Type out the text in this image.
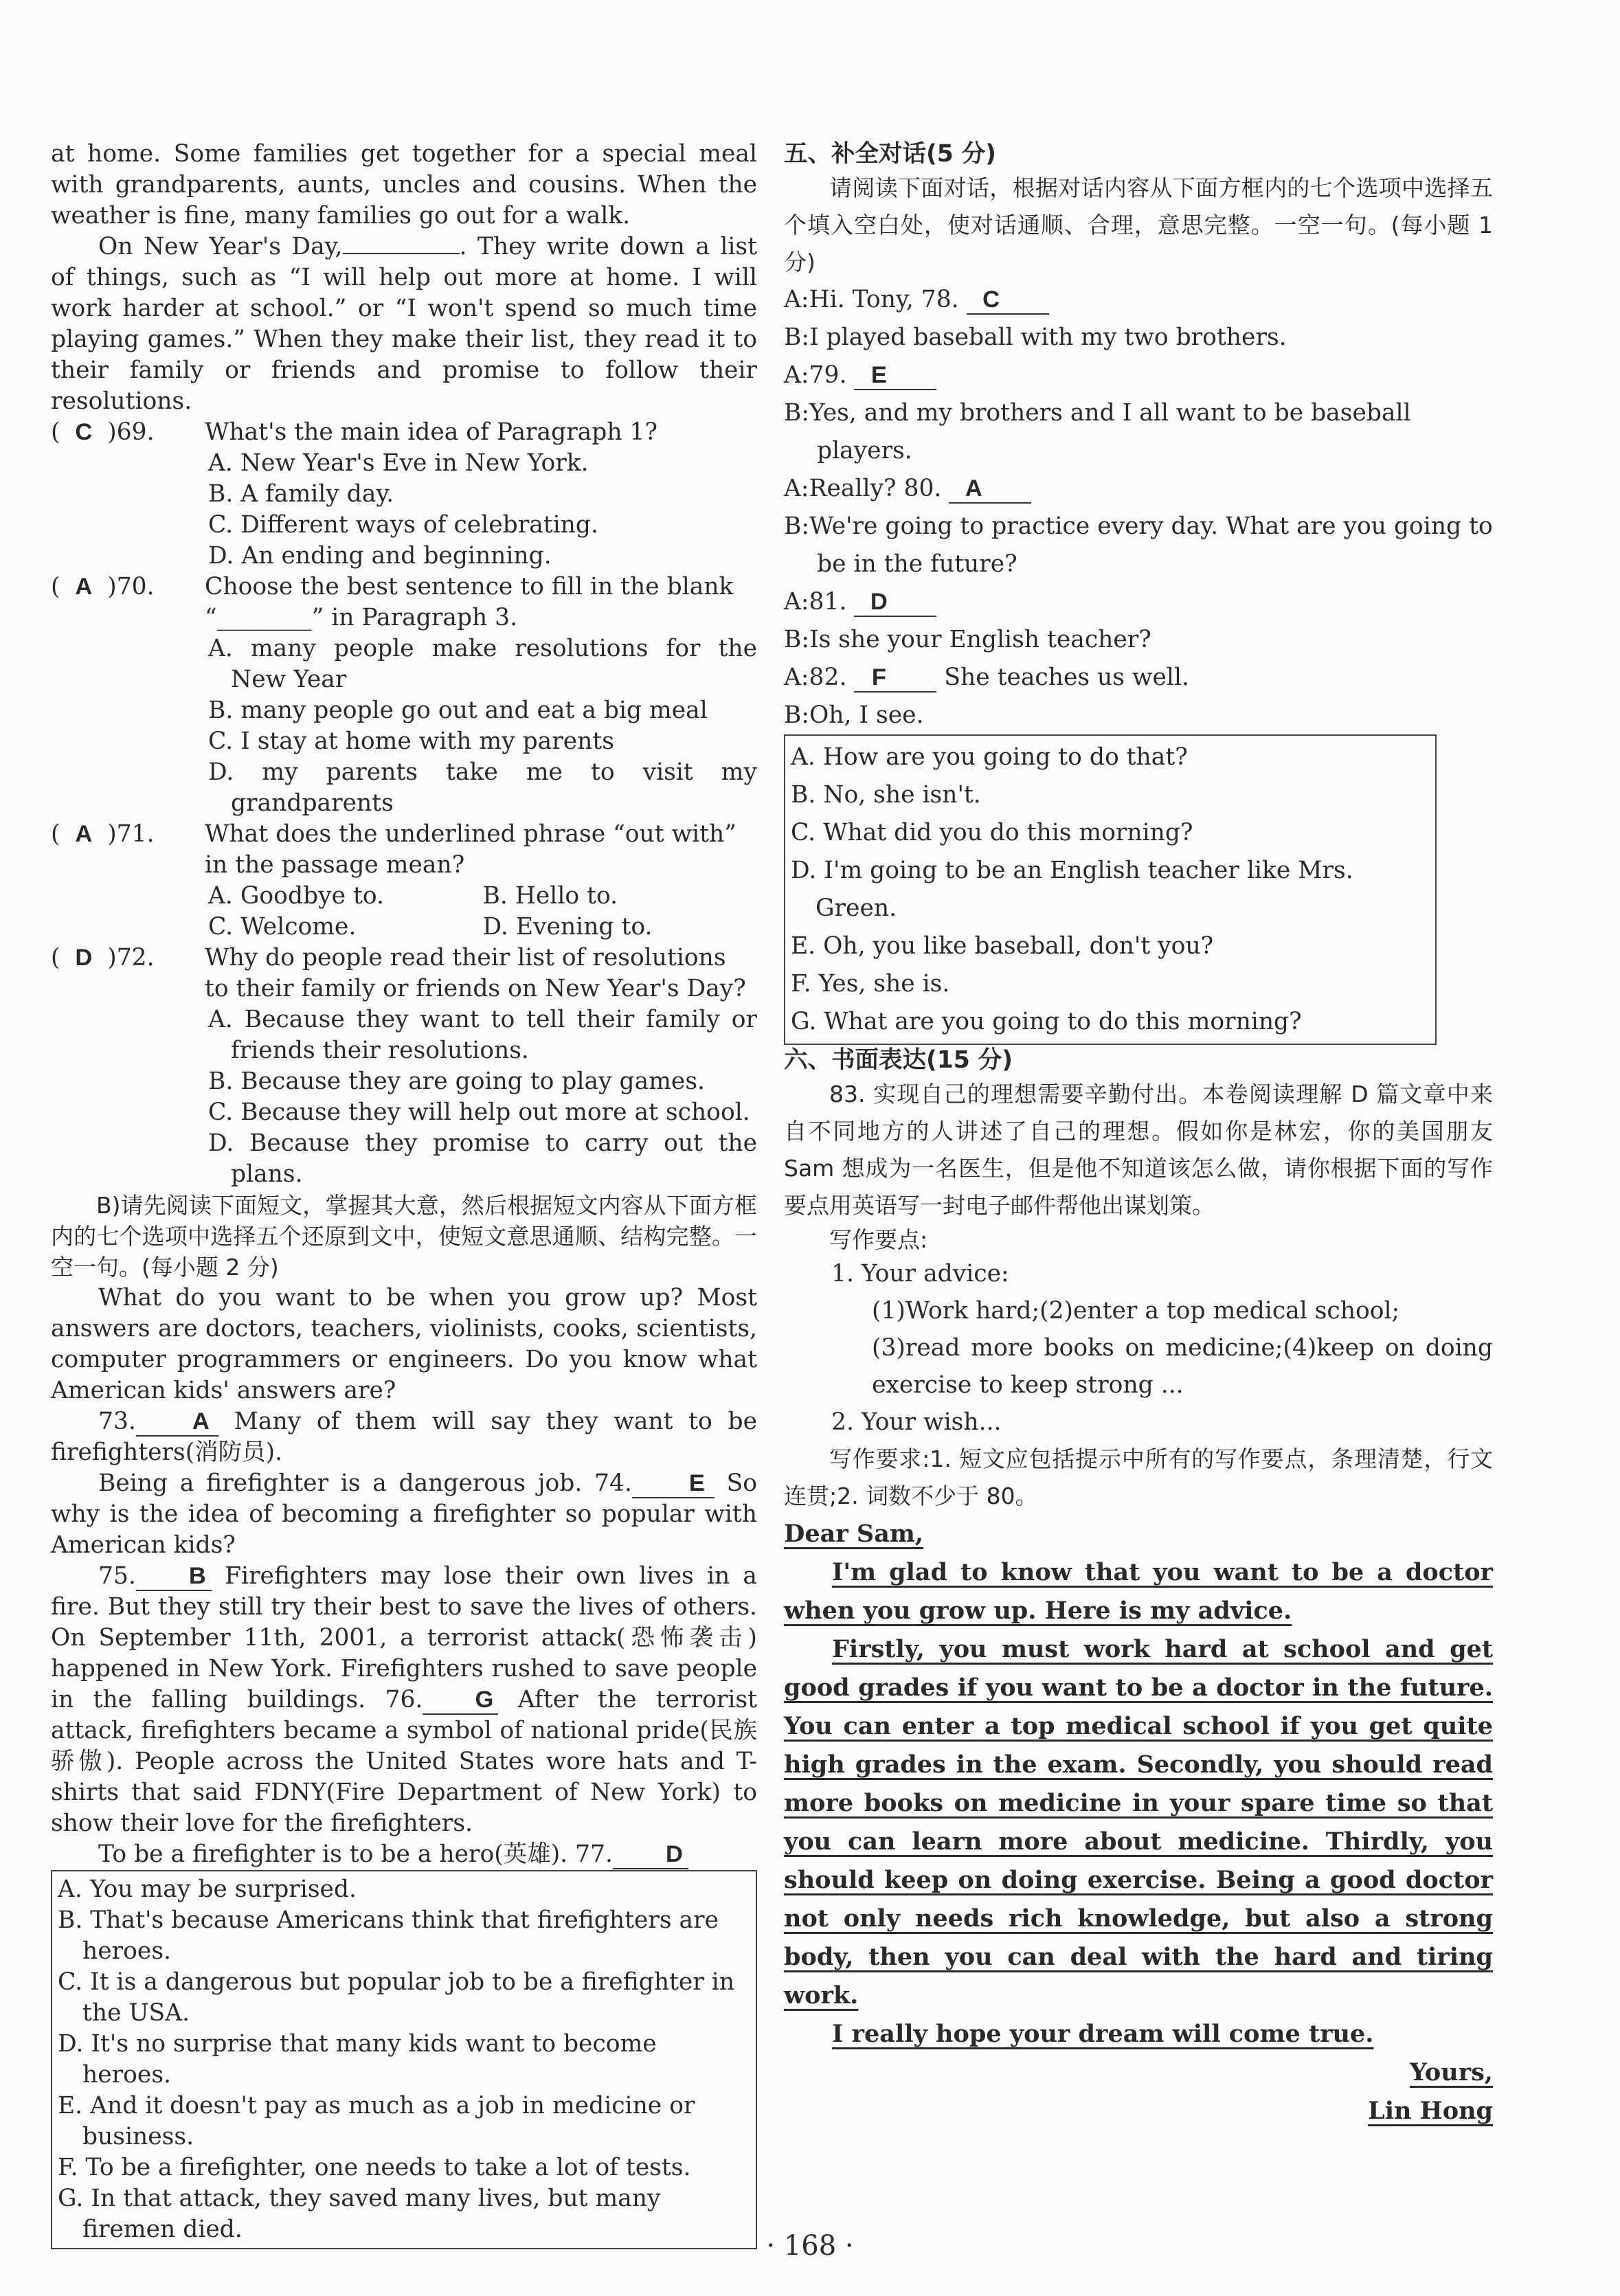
at home. Some families get together for a special meal with grandparents, aunts, uncles and cousins. When the weather is fine, many families go out for a walk.

On New Year's Day,	. They write down a list of things, such as “I will help out more at home. I will work harder at school.” or “I won't spend so much time playing games.” When they make their list, they read it to their family or friends and promise to follow their resolutions.

(  C  )69.	What's the main idea of Paragraph 1?

A. New Year's Eve in New York.

B. A family day.

C. Different ways of celebrating.

D. An ending and beginning.

(  A  )70.	Choose the best sentence to fill in the blank “________” in Paragraph 3.

A. many people make resolutions for the New Year

B. many people go out and eat a big meal

C. I stay at home with my parents

D. my parents take me to visit my grandparents

(  A  )71.	What does the underlined phrase “out with” in the passage mean?
A. Goodbye to.	B. Hello to.
C. Welcome.	D. Evening to.
(  D  )72.	Why do people read their list of resolutions to their family or friends on New Year's Day?

A. Because they want to tell their family or friends their resolutions.

B. Because they are going to play games.

C. Because they will help out more at school.

D. Because they promise to carry out the plans.

B)请先阅读下面短文，掌握其大意，然后根据短文内容从下面方框内的七个选项中选择五个还原到文中，使短文意思通顺、结构完整。一空一句。(每小题 2 分)

What do you want to be when you grow up? Most answers are doctors, teachers, violinists, cooks, scientists, computer programmers or engineers. Do you know what American kids' answers are?

73. A Many of them will say they want to be firefighters(消防员).

Being a firefighter is a dangerous job. 74. E So why is the idea of becoming a firefighter so popular with American kids?

75. B Firefighters may lose their own lives in a fire. But they still try their best to save the lives of others. On September 11th, 2001, a terrorist attack(恐怖袭击) happened in New York. Firefighters rushed to save people in the falling buildings. 76. G After the terrorist attack, firefighters became a symbol of national pride(民族骄傲). People across the United States wore hats and T-shirts that said FDNY(Fire Department of New York) to show their love for the firefighters.

To be a firefighter is to be a hero(英雄). 77. D

A. You may be surprised.

B. That's because Americans think that firefighters are heroes.

C. It is a dangerous but popular job to be a firefighter in the USA.

D. It's no surprise that many kids want to become heroes.

E. And it doesn't pay as much as a job in medicine or business.

F. To be a firefighter, one needs to take a lot of tests.

G. In that attack, they saved many lives, but many firemen died.

五、补全对话(5 分)

请阅读下面对话，根据对话内容从下面方框内的七个选项中选择五个填入空白处，使对话通顺、合理，意思完整。一空一句。(每小题 1 分)

A:Hi. Tony, 78. C

B:I played baseball with my two brothers.

A:79. E

B:Yes, and my brothers and I all want to be baseball players.

A:Really? 80. A

B:We're going to practice every day. What are you going to be in the future?

A:81. D

B:Is she your English teacher?

A:82. F She teaches us well.

B:Oh, I see.

A. How are you going to do that?

B. No, she isn't.

C. What did you do this morning?

D. I'm going to be an English teacher like Mrs. Green.

E. Oh, you like baseball, don't you?

F. Yes, she is.

G. What are you going to do this morning?

六、书面表达(15 分)

83. 实现自己的理想需要辛勤付出。本卷阅读理解 D 篇文章中来自不同地方的人讲述了自己的理想。假如你是林宏，你的美国朋友 Sam 想成为一名医生，但是他不知道该怎么做，请你根据下面的写作要点用英语写一封电子邮件帮他出谋划策。

写作要点:

1. Your advice:

(1)Work hard;(2)enter a top medical school;

(3)read more books on medicine;(4)keep on doing exercise to keep strong ...

2. Your wish...

写作要求:1. 短文应包括提示中所有的写作要点，条理清楚，行文连贯;2. 词数不少于 80。

Dear Sam,

I'm glad to know that you want to be a doctor when you grow up. Here is my advice.

Firstly, you must work hard at school and get good grades if you want to be a doctor in the future. You can enter a top medical school if you get quite high grades in the exam. Secondly, you should read more books on medicine in your spare time so that you can learn more about medicine. Thirdly, you should keep on doing exercise. Being a good doctor not only needs rich knowledge, but also a strong body, then you can deal with the hard and tiring work.

I really hope your dream will come true.

Yours,

Lin Hong

· 168 ·
